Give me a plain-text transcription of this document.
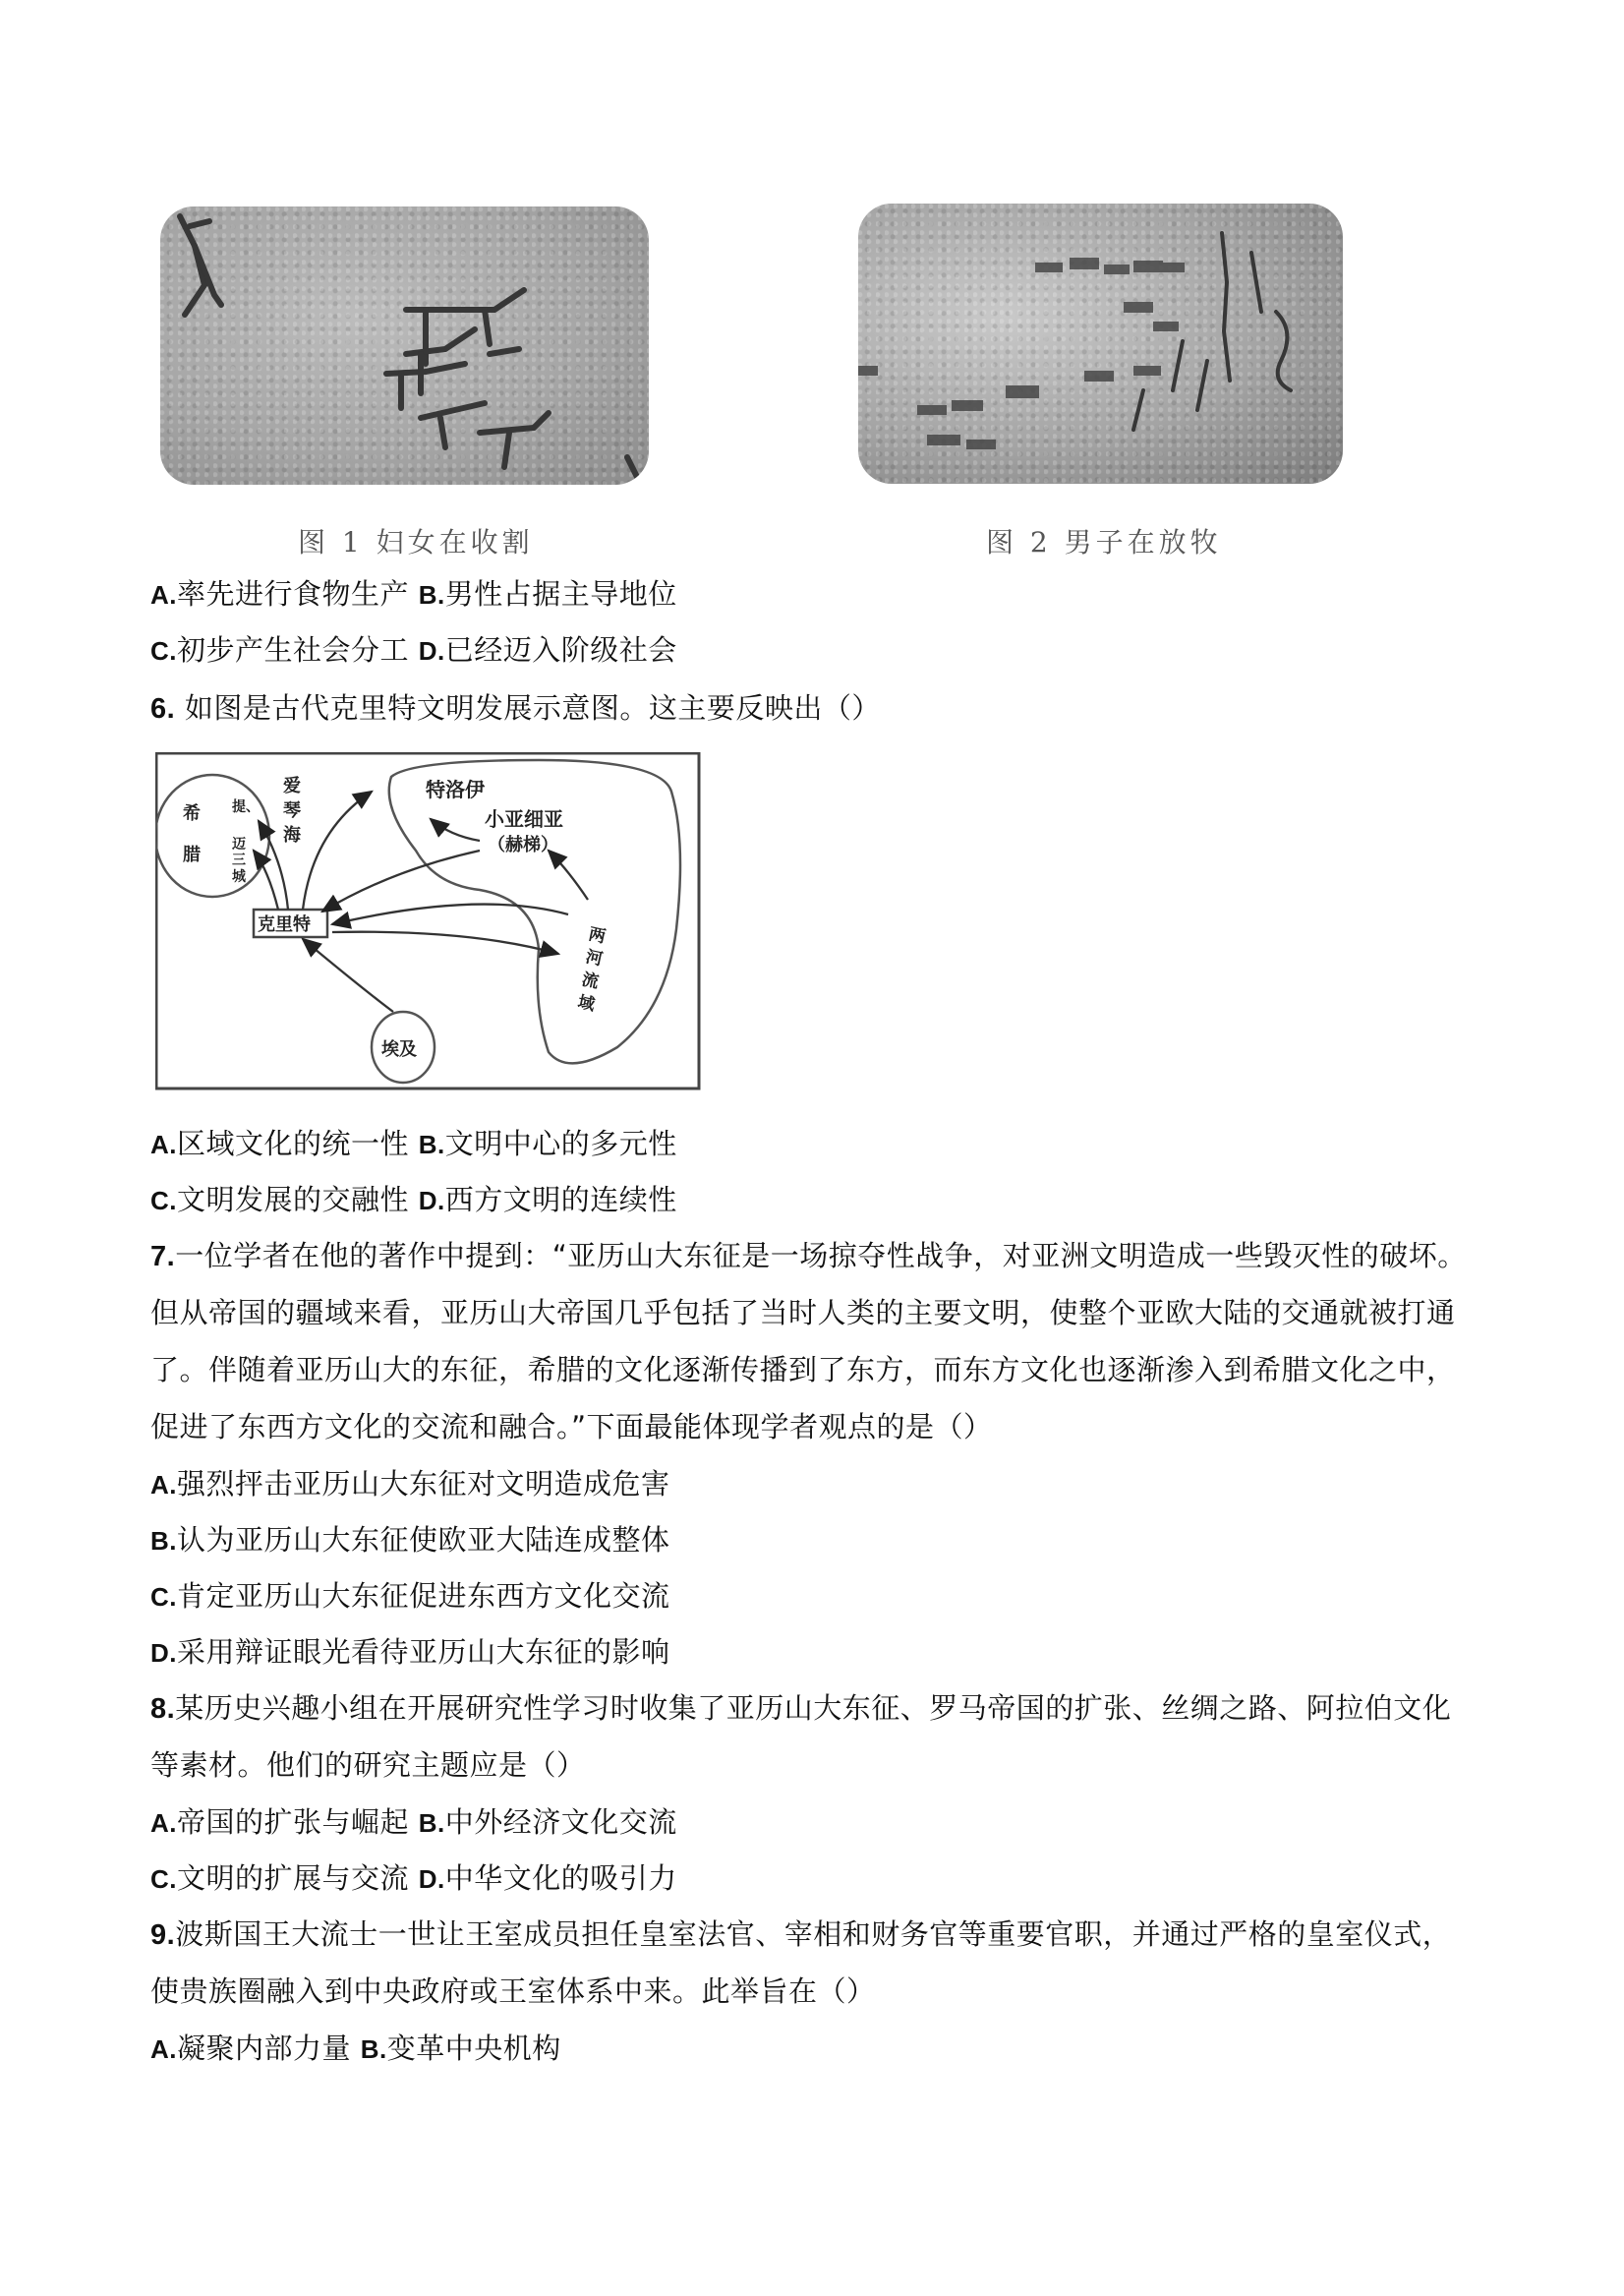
图 1 妇女在收割	图 2 男子在放牧
A.率先进行食物生产 B.男性占据主导地位
C.初步产生社会分工 D.已经迈入阶级社会
6. 如图是古代克里特文明发展示意图。这主要反映出（）
希
腊
提、
迈
三
城
爱
琴
海
特洛伊
小亚细亚
（赫梯）
克里特	两
河
流
域
埃及
A.区域文化的统一性 B.文明中心的多元性
C.文明发展的交融性 D.西方文明的连续性
7.一位学者在他的著作中提到：“亚历山大东征是一场掠夺性战争，对亚洲文明造成一些毁灭性的破坏。
但从帝国的疆域来看，亚历山大帝国几乎包括了当时人类的主要文明，使整个亚欧大陆的交通就被打通
了。伴随着亚历山大的东征，希腊的文化逐渐传播到了东方，而东方文化也逐渐渗入到希腊文化之中，
促进了东西方文化的交流和融合。”下面最能体现学者观点的是（）
A.强烈抨击亚历山大东征对文明造成危害
B.认为亚历山大东征使欧亚大陆连成整体
C.肯定亚历山大东征促进东西方文化交流
D.采用辩证眼光看待亚历山大东征的影响
8.某历史兴趣小组在开展研究性学习时收集了亚历山大东征、罗马帝国的扩张、丝绸之路、阿拉伯文化
等素材。他们的研究主题应是（）
A.帝国的扩张与崛起 B.中外经济文化交流
C.文明的扩展与交流 D.中华文化的吸引力
9.波斯国王大流士一世让王室成员担任皇室法官、宰相和财务官等重要官职，并通过严格的皇室仪式，
使贵族圈融入到中央政府或王室体系中来。此举旨在（）
A.凝聚内部力量 B.变革中央机构
